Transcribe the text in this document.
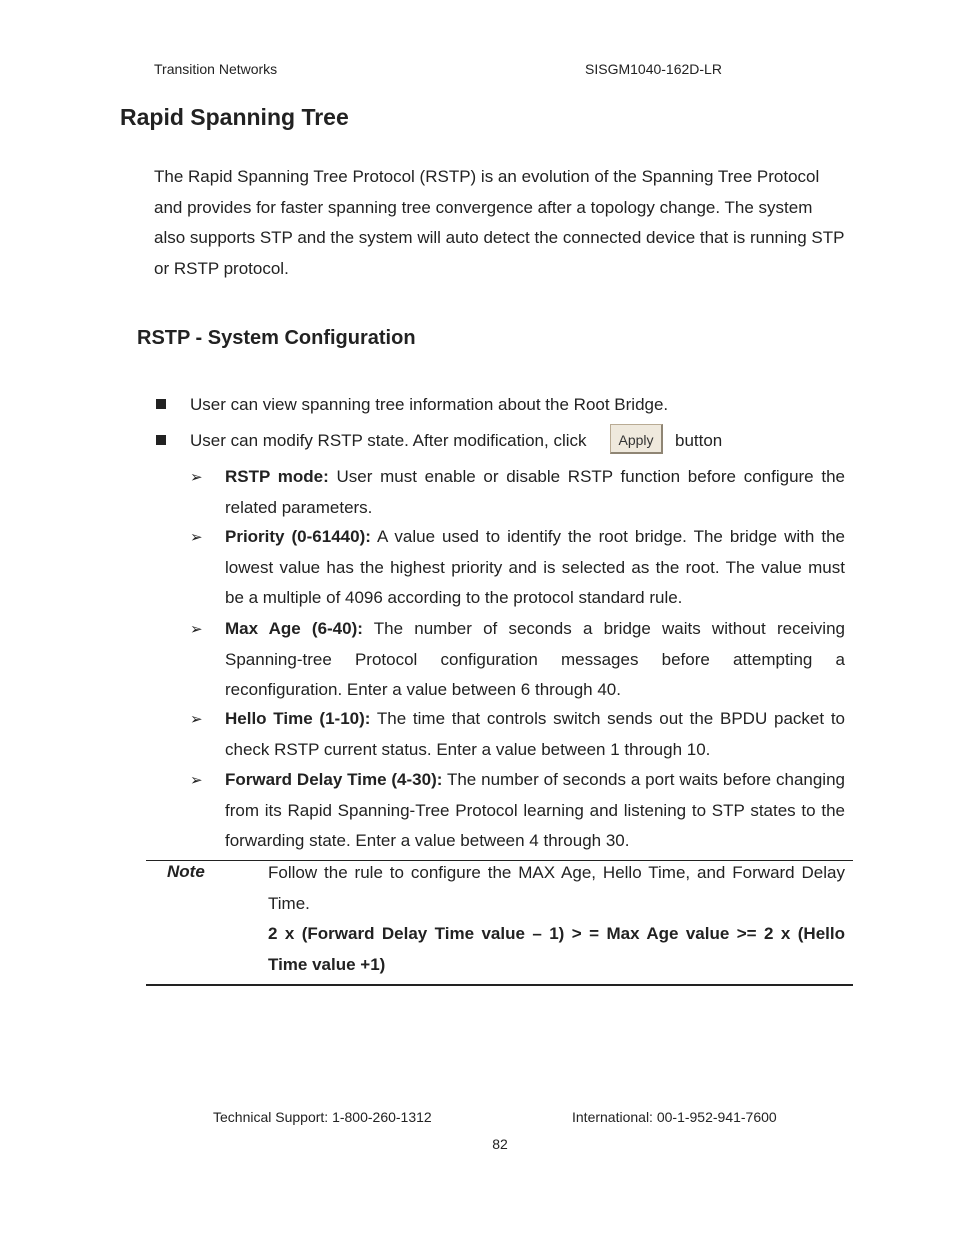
Transition Networks	SISGM1040-162D-LR
Rapid Spanning Tree
The Rapid Spanning Tree Protocol (RSTP) is an evolution of the Spanning Tree Protocol and provides for faster spanning tree convergence after a topology change. The system also supports STP and the system will auto detect the connected device that is running STP or RSTP protocol.
RSTP - System Configuration
User can view spanning tree information about the Root Bridge.
User can modify RSTP state. After modification, click	Apply	button
➢ RSTP mode: User must enable or disable RSTP function before configure the related parameters.
➢ Priority (0-61440): A value used to identify the root bridge. The bridge with the lowest value has the highest priority and is selected as the root. The value must be a multiple of 4096 according to the protocol standard rule.
➢ Max Age (6-40): The number of seconds a bridge waits without receiving Spanning-tree Protocol configuration messages before attempting a reconfiguration. Enter a value between 6 through 40.
➢ Hello Time (1-10): The time that controls switch sends out the BPDU packet to check RSTP current status. Enter a value between 1 through 10.
➢ Forward Delay Time (4-30): The number of seconds a port waits before changing from its Rapid Spanning-Tree Protocol learning and listening to STP states to the forwarding state. Enter a value between 4 through 30.
Note	Follow the rule to configure the MAX Age, Hello Time, and Forward Delay Time.
2 x (Forward Delay Time value – 1) > = Max Age value >= 2 x (Hello Time value +1)
Technical Support: 1-800-260-1312	International: 00-1-952-941-7600
82
